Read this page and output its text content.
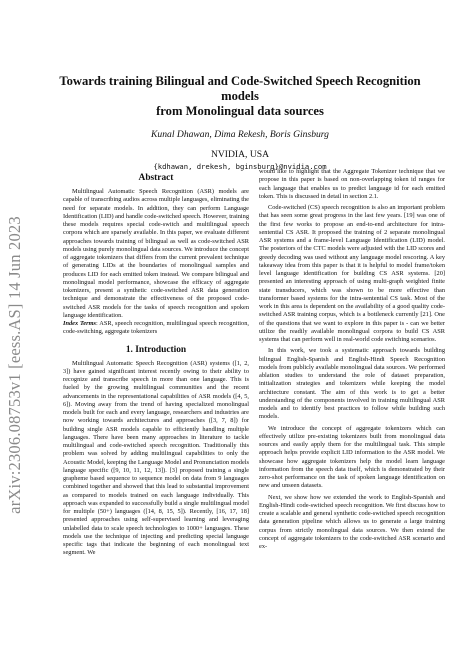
arXiv:2306.08753v1 [eess.AS] 14 Jun 2023
Towards training Bilingual and Code-Switched Speech Recognition models
from Monolingual data sources
Kunal Dhawan, Dima Rekesh, Boris Ginsburg
NVIDIA, USA
{kdhawan, drekesh, bginsburg}@nvidia.com
Abstract

Multilingual Automatic Speech Recognition (ASR) models are capable of transcribing audios across multiple languages, eliminating the need for separate models. In addition, they can perform Language Identification (LID) and handle code-switched speech. However, training these models requires special code-switch and multilingual speech corpora which are sparsely available. In this paper, we evaluate different approaches towards training of bilingual as well as code-switched ASR models using purely monolingual data sources. We introduce the concept of aggregate tokenizers that differs from the current prevalent technique of generating LIDs at the boundaries of monolingual samples and produces LID for each emitted token instead. We compare bilingual and monolingual model performance, showcase the efficacy of aggregate tokenizers, present a synthetic code-switched ASR data generation technique and demonstrate the effectiveness of the proposed code-switched ASR models for the tasks of speech recognition and spoken language identification.

Index Terms: ASR, speech recognition, multilingual speech recognition, code-switching, aggregate tokenizers

1. Introduction

Multilingual Automatic Speech Recognition (ASR) systems ([1, 2, 3]) have gained significant interest recently owing to their ability to recognize and transcribe speech in more than one language. This is fueled by the growing multilingual communities and the recent advancements in the representational capabilities of ASR models ([4, 5, 6]). Moving away from the trend of having specialized monolingual models built for each and every language, researchers and industries are now working towards architectures and approaches ([3, 7, 8]) for building single ASR models capable to efficiently handling multiple languages. There have been many approaches in literature to tackle multilingual and code-switched speech recognition. Traditionally this problem was solved by adding multilingual capabilities to only the Acoustic Model, keeping the Language Model and Pronunciation models language specific ([9, 10, 11, 12, 13]). [3] proposed training a single grapheme based sequence to sequence model on data from 9 languages combined together and showed that this lead to substantial improvement as compared to models trained on each language individually. This approach was expanded to successfully build a single multilingual model for multiple (50+) languages ([14, 8, 15, 5]). Recently, [16, 17, 18] presented approaches using self-supervised learning and leveraging unlabelled data to scale speech technologies to 1000+ languages. These models use the technique of injecting and predicting special language specific tags that indicate the beginning of each monolingual text segment. We

would like to highlight that the Aggregate Tokenizer technique that we propose in this paper is based on non-overlapping token id ranges for each language that enables us to predict language id for each emitted token. This is discussed in detail in section 2.1.

Code-switched (CS) speech recognition is also an important problem that has seen some great progress in the last few years. [19] was one of the first few works to propose an end-to-end architecture for intra-sentential CS ASR. It proposed the training of 2 separate monolingual ASR systems and a frame-level Language Identification (LID) model. The posteriors of the CTC models were adjusted with the LID scores and greedy decoding was used without any language model rescoring. A key takeaway idea from this paper is that it is helpful to model frame/token level language identification for building CS ASR systems. [20] presented an interesting approach of using multi-graph weighted finite state transducers, which was shown to be more effective than transformer based systems for the intra-sentential CS task. Most of the work in this area is dependent on the availability of a good quality code-switched ASR training corpus, which is a bottleneck currently [21]. One of the questions that we want to explore in this paper is - can we better utilize the readily available monolingual corpora to build CS ASR systems that can perform well in real-world code switching scenarios.

In this work, we took a systematic approach towards building bilingual English-Spanish and English-Hindi Speech Recognition models from publicly available monolingual data sources. We performed ablation studies to understand the role of dataset preparation, initialization strategies and tokenizers while keeping the model architecture constant. The aim of this work is to get a better understanding of the components involved in training multilingual ASR models and to identify best practices to follow while building such models.

We introduce the concept of aggregate tokenizers which can effectively utilize pre-existing tokenizers built from monolingual data sources and easily apply them for the multilingual task. This simple approach helps provide explicit LID information to the ASR model. We showcase how aggregate tokenizers help the model learn language information from the speech data itself, which is demonstrated by their zero-shot performance on the task of spoken language identification on new and unseen datasets.

Next, we show how we extended the work to English-Spanish and English-Hindi code-switched speech recognition. We first discuss how to create a scalable and general synthetic code-switched speech recognition data generation pipeline which allows us to generate a large training corpus from strictly monolingual data sources. We then extend the concept of aggregate tokenizers to the code-switched ASR scenario and ex-
